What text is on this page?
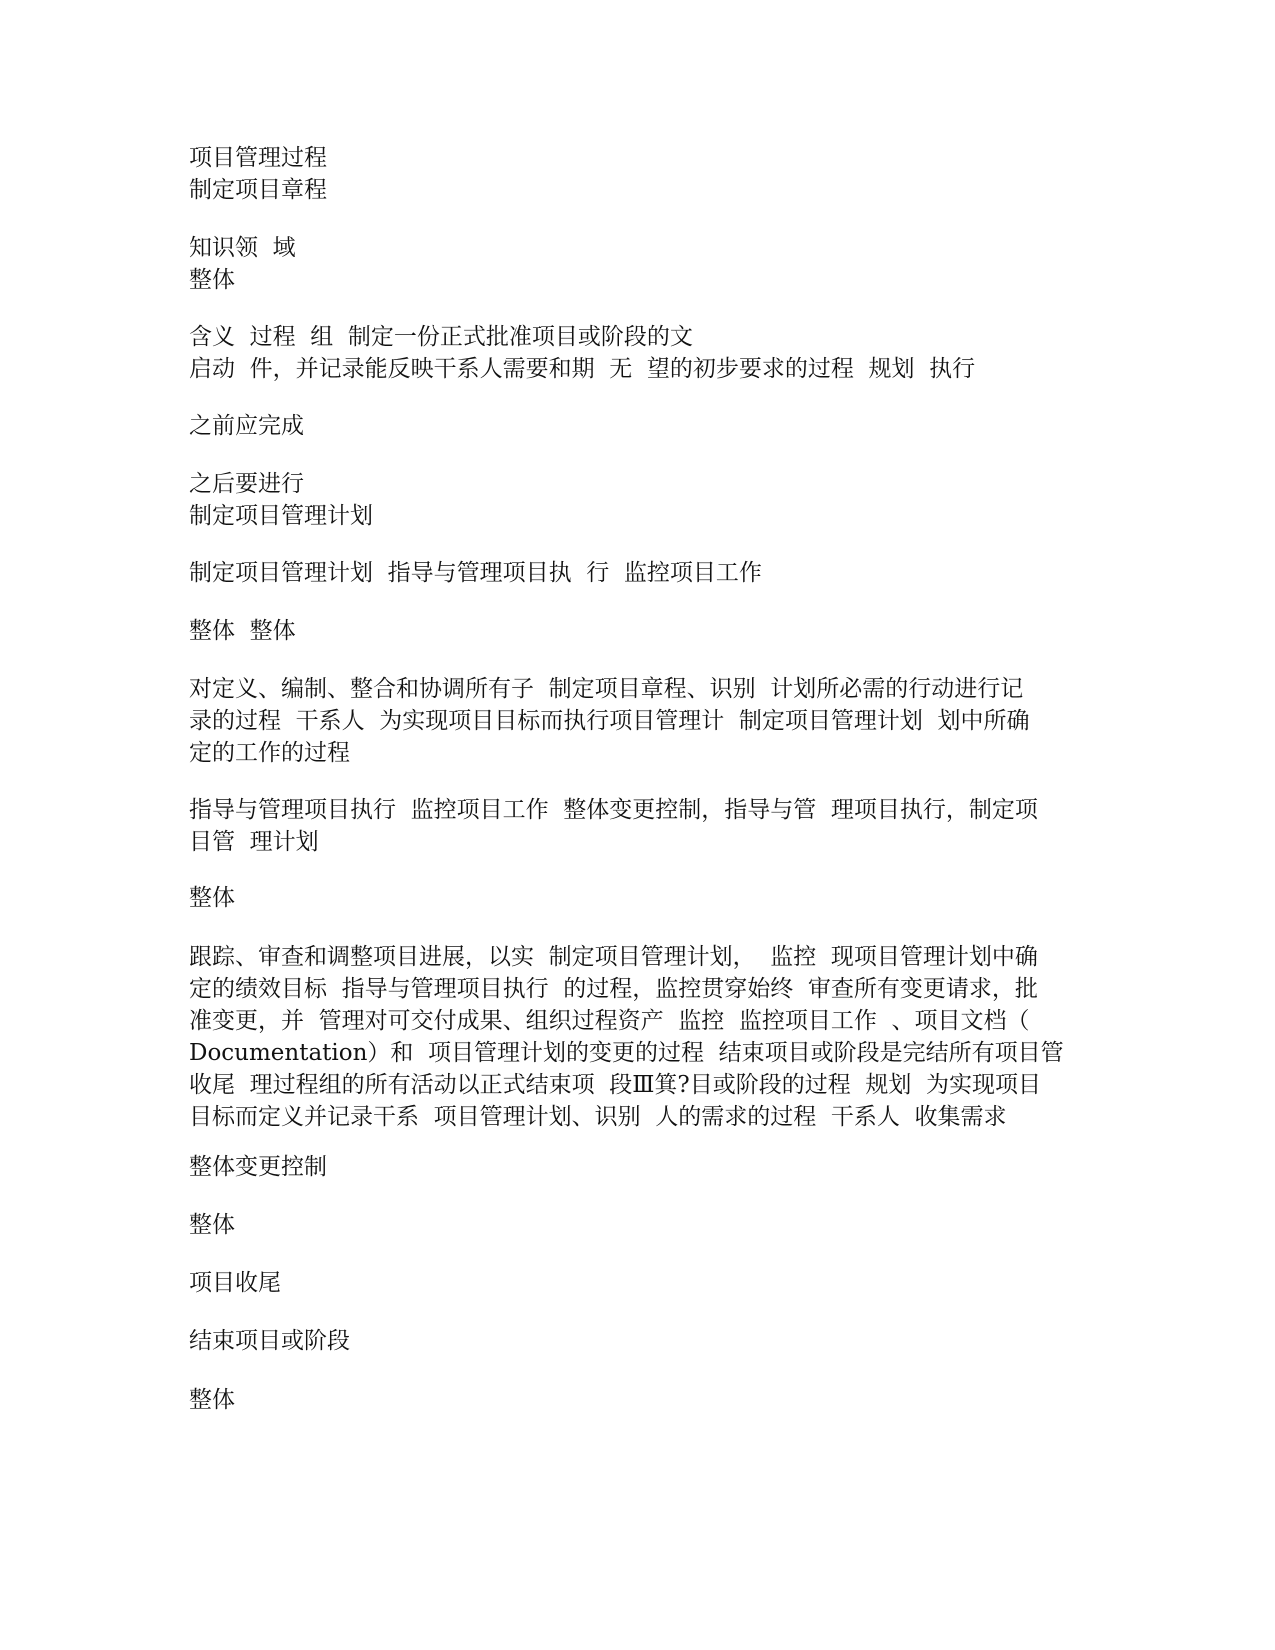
项目管理过程
制定项目章程
知识领  域
整体
含义  过程  组  制定一份正式批准项目或阶段的文
启动  件，并记录能反映干系人需要和期  无  望的初步要求的过程  规划  执行
之前应完成
之后要进行
制定项目管理计划
制定项目管理计划  指导与管理项目执  行  监控项目工作
整体  整体
对定义、编制、整合和协调所有子  制定项目章程、识别  计划所必需的行动进行记
录的过程  干系人  为实现项目目标而执行项目管理计  制定项目管理计划  划中所确
定的工作的过程
指导与管理项目执行  监控项目工作  整体变更控制，指导与管  理项目执行，制定项
目管  理计划
整体
跟踪、审查和调整项目进展，以实  制定项目管理计划，  监控  现项目管理计划中确
定的绩效目标  指导与管理项目执行  的过程，监控贯穿始终  审查所有变更请求，批
准变更，并  管理对可交付成果、组织过程资产  监控  监控项目工作  、项目文档（
Documentation）和  项目管理计划的变更的过程  结束项目或阶段是完结所有项目管
收尾  理过程组的所有活动以正式结束项  段Ⅲ箕?目或阶段的过程  规划  为实现项目
目标而定义并记录干系  项目管理计划、识别  人的需求的过程  干系人  收集需求
整体变更控制
整体
项目收尾
结束项目或阶段
整体
